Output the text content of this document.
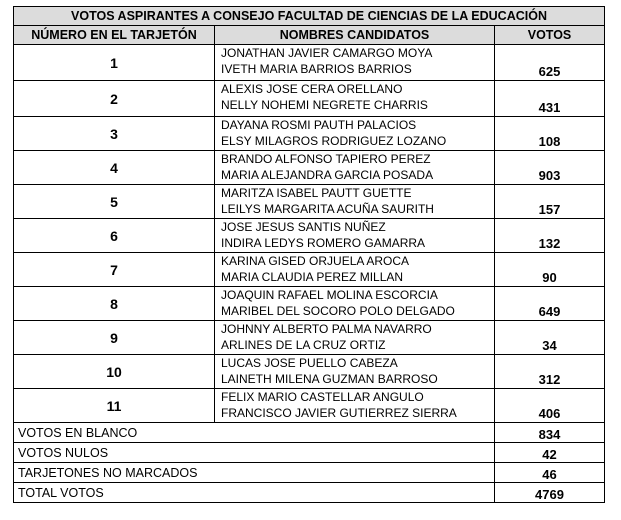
VOTOS ASPIRANTES A CONSEJO FACULTAD DE CIENCIAS DE LA EDUCACIÓN		
NÚMERO EN EL TARJETÓN	NOMBRES CANDIDATOS	VOTOS
1	JONATHAN JAVIER CAMARGO MOYA
IVETH MARIA BARRIOS BARRIOS	625
2	ALEXIS JOSE CERA ORELLANO
NELLY NOHEMI NEGRETE CHARRIS	431
3	DAYANA ROSMI PAUTH PALACIOS
ELSY MILAGROS RODRIGUEZ LOZANO	108
4	BRANDO ALFONSO TAPIERO PEREZ
MARIA ALEJANDRA GARCIA POSADA	903
5	MARITZA ISABEL PAUTT GUETTE
LEILYS MARGARITA ACUÑA SAURITH	157
6	JOSE JESUS SANTIS NUÑEZ
INDIRA LEDYS ROMERO GAMARRA	132
7	KARINA GISED ORJUELA AROCA
MARIA CLAUDIA PEREZ MILLAN	90
8	JOAQUIN RAFAEL MOLINA ESCORCIA
MARIBEL DEL SOCORO POLO DELGADO	649
9	JOHNNY ALBERTO PALMA NAVARRO
ARLINES DE LA CRUZ ORTIZ	34
10	LUCAS JOSE PUELLO CABEZA
LAINETH MILENA GUZMAN BARROSO	312
11	FELIX MARIO CASTELLAR ANGULO
FRANCISCO JAVIER GUTIERREZ SIERRA	406
VOTOS EN BLANCO		834
VOTOS NULOS		42
TARJETONES NO MARCADOS		46
TOTAL VOTOS		4769
